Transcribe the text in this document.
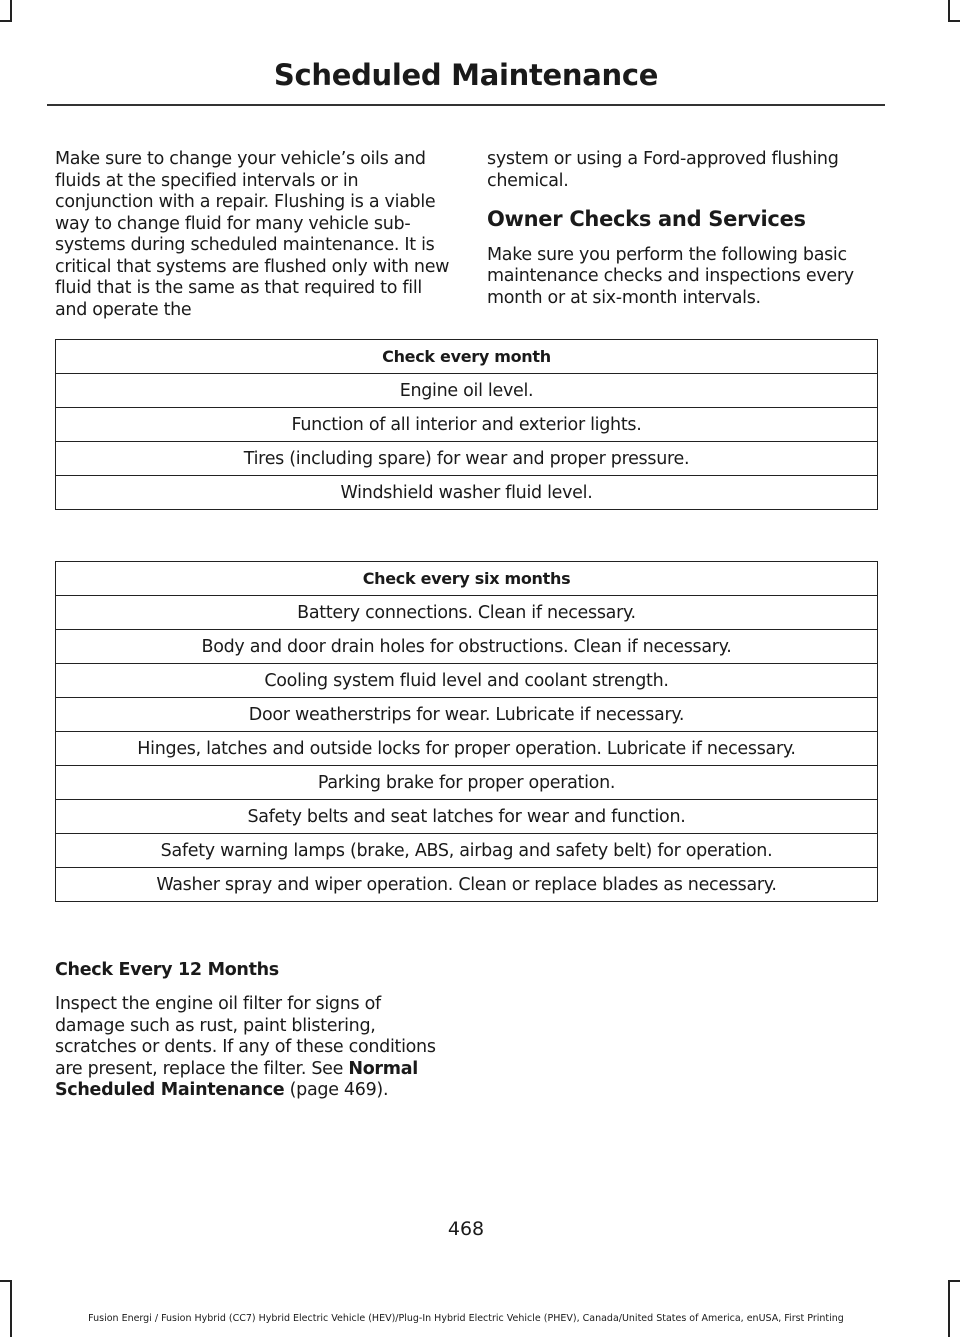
Scheduled Maintenance

Make sure to change your vehicle’s oils and fluids at the specified intervals or in conjunction with a repair. Flushing is a viable way to change fluid for many vehicle sub-systems during scheduled maintenance. It is critical that systems are flushed only with new fluid that is the same as that required to fill and operate the

system or using a Ford-approved flushing chemical.

Owner Checks and Services

Make sure you perform the following basic maintenance checks and inspections every month or at six-month intervals.

Check every month
Engine oil level.
Function of all interior and exterior lights.
Tires (including spare) for wear and proper pressure.
Windshield washer fluid level.
Check every six months
Battery connections. Clean if necessary.
Body and door drain holes for obstructions. Clean if necessary.
Cooling system fluid level and coolant strength.
Door weatherstrips for wear. Lubricate if necessary.
Hinges, latches and outside locks for proper operation. Lubricate if necessary.
Parking brake for proper operation.
Safety belts and seat latches for wear and function.
Safety warning lamps (brake, ABS, airbag and safety belt) for operation.
Washer spray and wiper operation. Clean or replace blades as necessary.
Check Every 12 Months

Inspect the engine oil filter for signs of damage such as rust, paint blistering, scratches or dents. If any of these conditions are present, replace the filter. See Normal Scheduled Maintenance (page 469).

468
Fusion Energi / Fusion Hybrid (CC7) Hybrid Electric Vehicle (HEV)/Plug-In Hybrid Electric Vehicle (PHEV), Canada/United States of America, enUSA, First Printing
